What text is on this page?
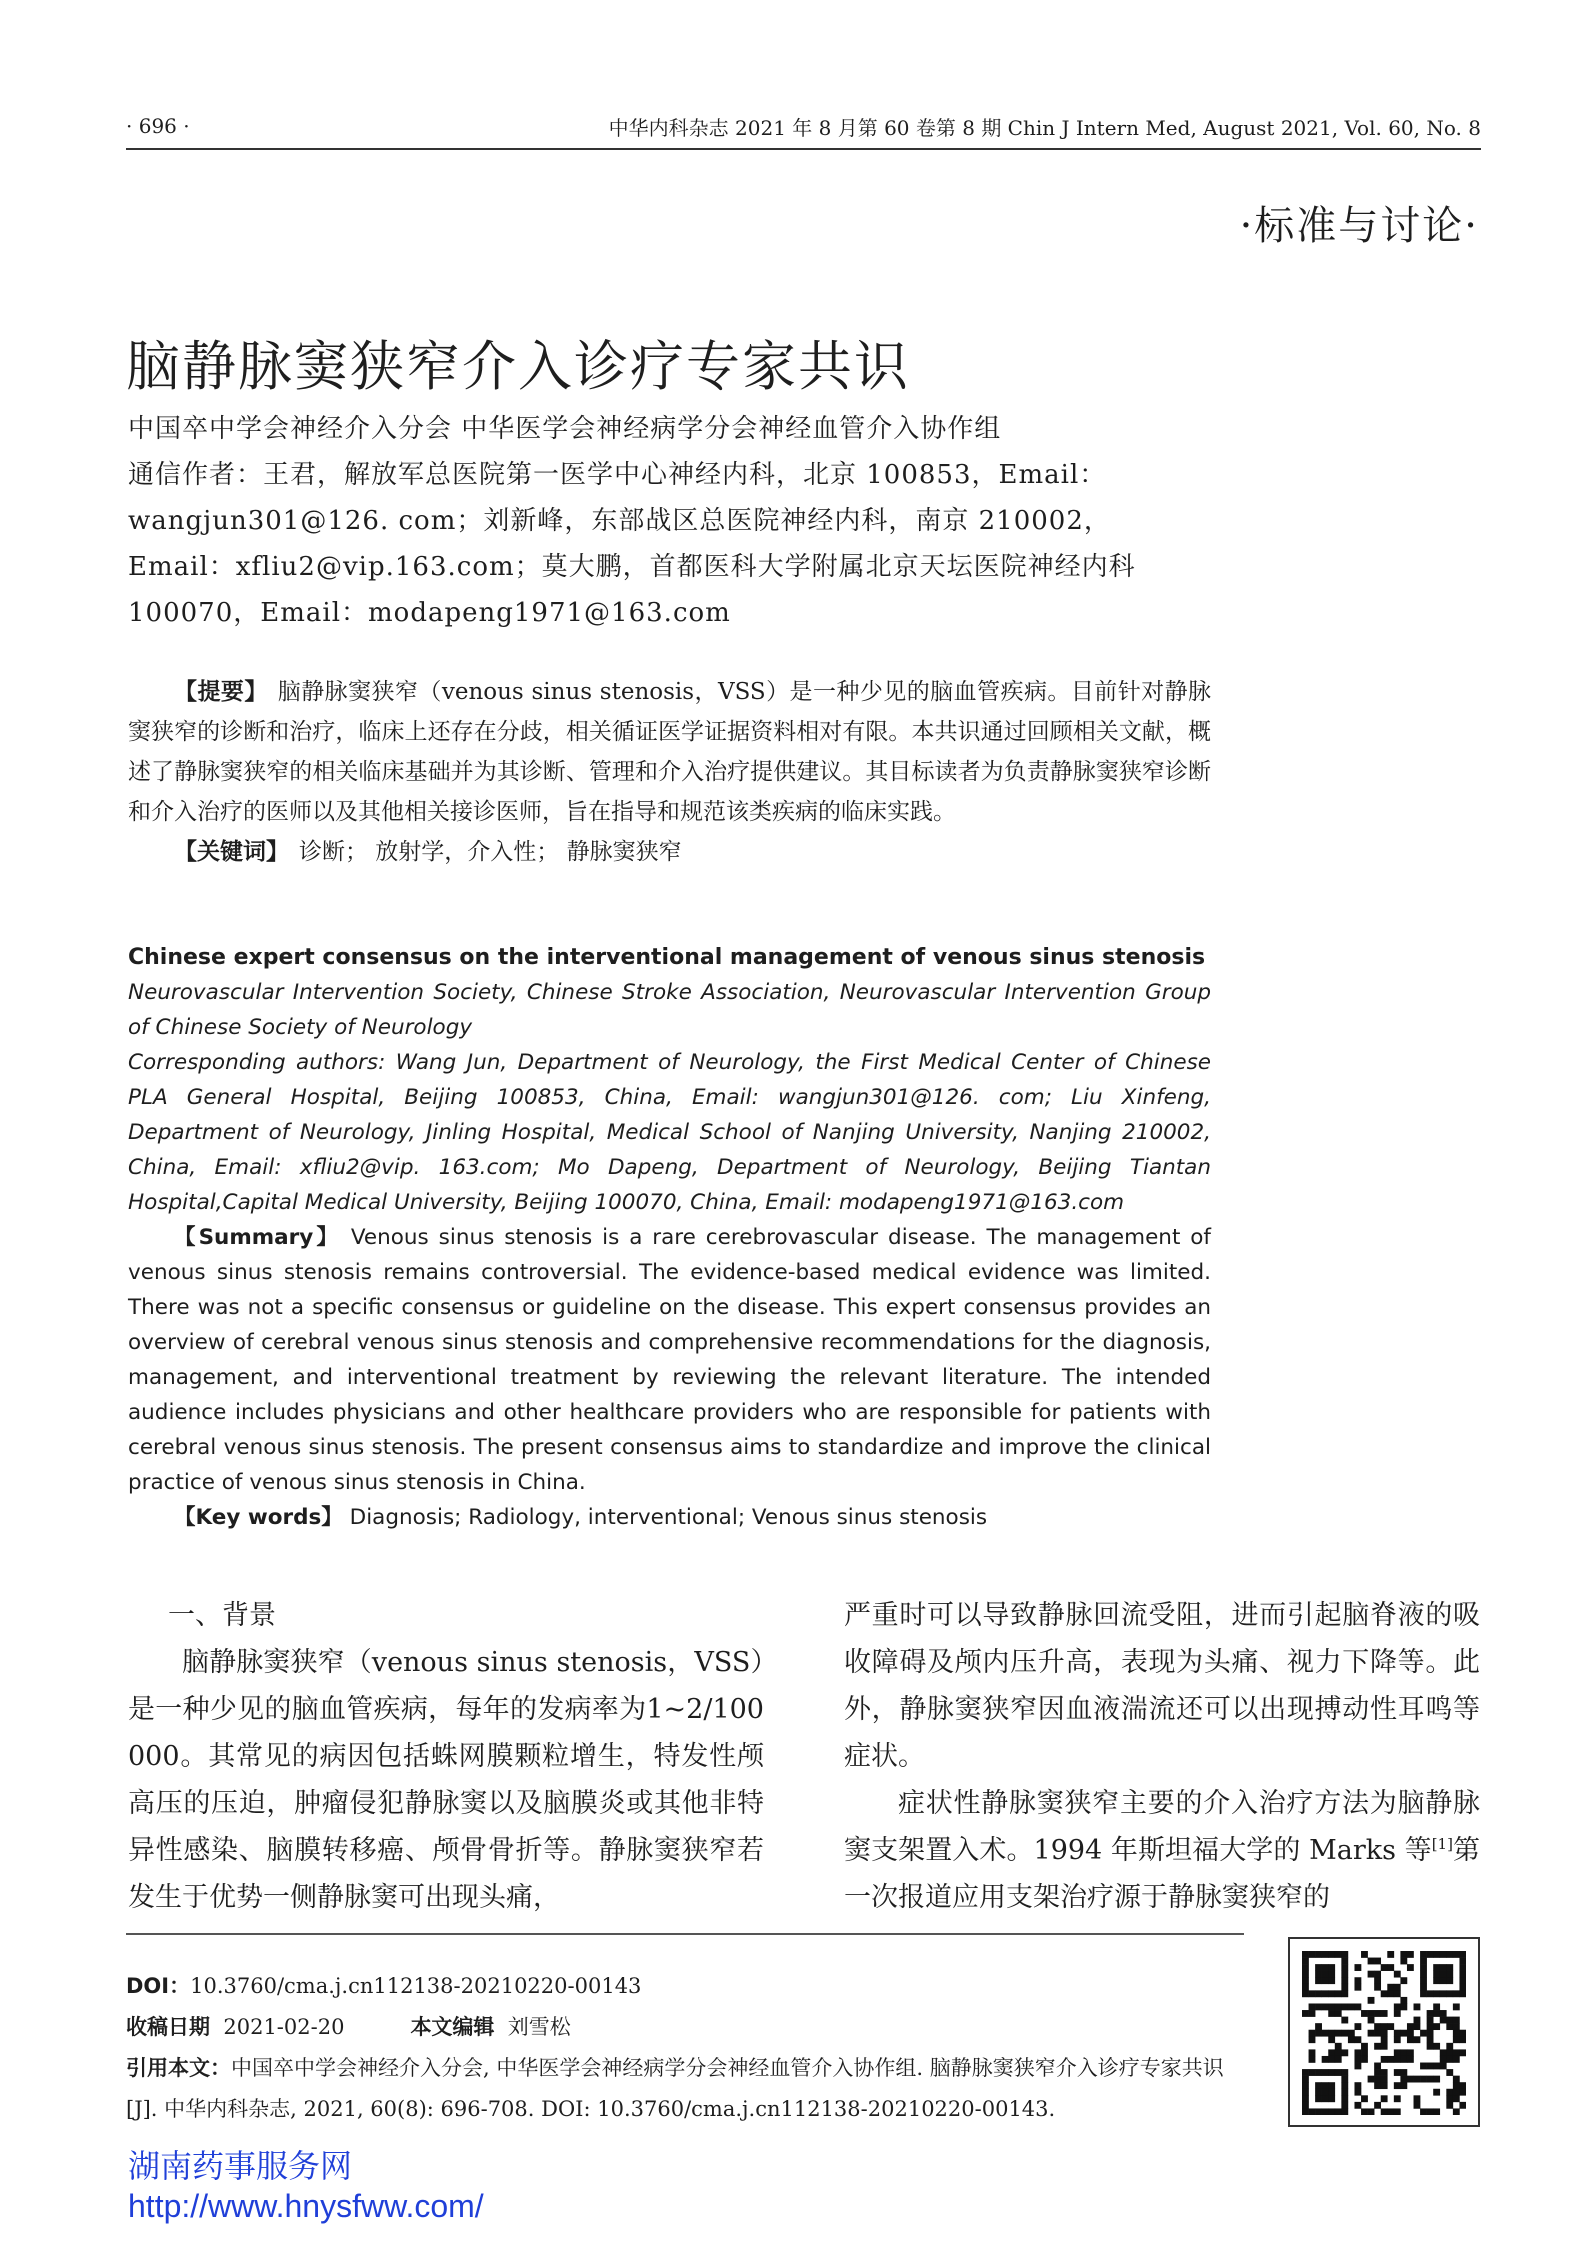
· 696 ·	中华内科杂志 2021 年 8 月第 60 卷第 8 期 Chin J Intern Med, August 2021, Vol. 60, No. 8
·标准与讨论·
脑静脉窦狭窄介入诊疗专家共识

中国卒中学会神经介入分会 中华医学会神经病学分会神经血管介入协作组

通信作者：王君，解放军总医院第一医学中心神经内科，北京 100853，Email：wangjun301@126. com；刘新峰，东部战区总医院神经内科，南京 210002，Email：xfliu2@vip.163.com；莫大鹏，首都医科大学附属北京天坛医院神经内科 100070，Email：modapeng1971@163.com

【提要】 脑静脉窦狭窄（venous sinus stenosis，VSS）是一种少见的脑血管疾病。目前针对静脉窦狭窄的诊断和治疗，临床上还存在分歧，相关循证医学证据资料相对有限。本共识通过回顾相关文献，概述了静脉窦狭窄的相关临床基础并为其诊断、管理和介入治疗提供建议。其目标读者为负责静脉窦狭窄诊断和介入治疗的医师以及其他相关接诊医师，旨在指导和规范该类疾病的临床实践。

【关键词】 诊断； 放射学，介入性； 静脉窦狭窄

Chinese expert consensus on the interventional management of venous sinus stenosis

Neurovascular Intervention Society, Chinese Stroke Association, Neurovascular Intervention Group of Chinese Society of Neurology

Corresponding authors: Wang Jun, Department of Neurology, the First Medical Center of Chinese PLA General Hospital, Beijing 100853, China, Email: wangjun301@126. com; Liu Xinfeng, Department of Neurology, Jinling Hospital, Medical School of Nanjing University, Nanjing 210002, China, Email: xfliu2@vip. 163.com; Mo Dapeng, Department of Neurology, Beijing Tiantan Hospital,Capital Medical University, Beijing 100070, China, Email: modapeng1971@163.com

【Summary】 Venous sinus stenosis is a rare cerebrovascular disease. The management of venous sinus stenosis remains controversial. The evidence-based medical evidence was limited. There was not a specific consensus or guideline on the disease. This expert consensus provides an overview of cerebral venous sinus stenosis and comprehensive recommendations for the diagnosis, management, and interventional treatment by reviewing the relevant literature. The intended audience includes physicians and other healthcare providers who are responsible for patients with cerebral venous sinus stenosis. The present consensus aims to standardize and improve the clinical practice of venous sinus stenosis in China.

【Key words】 Diagnosis; Radiology, interventional; Venous sinus stenosis

一、背景

脑静脉窦狭窄（venous sinus stenosis，VSS）是一种少见的脑血管疾病，每年的发病率为1~2/100 000。其常见的病因包括蛛网膜颗粒增生，特发性颅高压的压迫，肿瘤侵犯静脉窦以及脑膜炎或其他非特异性感染、脑膜转移癌、颅骨骨折等。静脉窦狭窄若发生于优势一侧静脉窦可出现头痛，

严重时可以导致静脉回流受阻，进而引起脑脊液的吸收障碍及颅内压升高，表现为头痛、视力下降等。此外，静脉窦狭窄因血液湍流还可以出现搏动性耳鸣等症状。

症状性静脉窦狭窄主要的介入治疗方法为脑静脉窦支架置入术。1994 年斯坦福大学的 Marks 等[1]第一次报道应用支架治疗源于静脉窦狭窄的

DOI：10.3760/cma.j.cn112138-20210220-00143

收稿日期 2021-02-20	本文编辑 刘雪松

引用本文：中国卒中学会神经介入分会, 中华医学会神经病学分会神经血管介入协作组. 脑静脉窦狭窄介入诊疗专家共识[J]. 中华内科杂志, 2021, 60(8): 696-708. DOI: 10.3760/cma.j.cn112138-20210220-00143.

湖南药事服务网
http://www.hnysfww.com/
